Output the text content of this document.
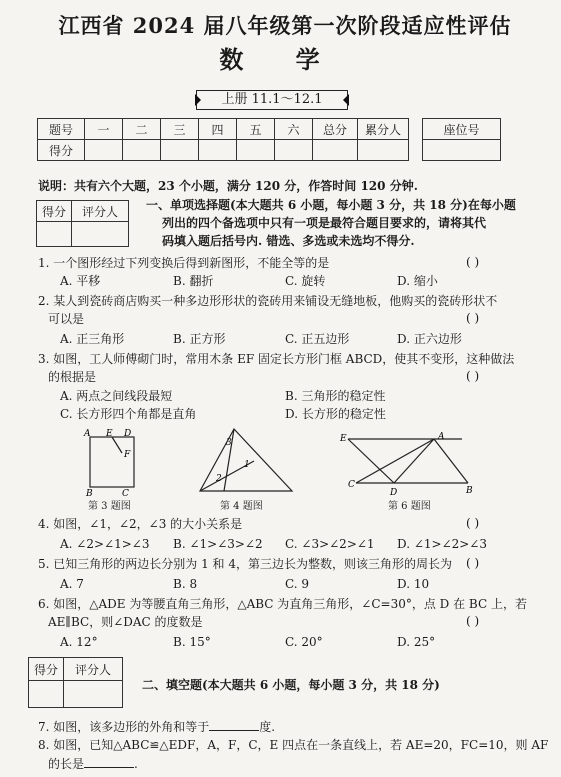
江西省 2024 届八年级第一次阶段适应性评估
数 学
上册 11.1～12.1
题号	一	二	三	四	五	六	总分	累分人
得分								
座位号

说明：共有六个大题，23 个小题，满分 120 分，作答时间 120 分钟.
得分	评分人
	一、单项选择题(本大题共 6 小题，每小题 3 分，共 18 分)在每小题
列出的四个备选项中只有一项是最符合题目要求的，请将其代
码填入题后括号内. 错选、多选或未选均不得分.
1. 一个图形经过下列变换后得到新图形，不能全等的是	( )
A. 平移	B. 翻折	C. 旋转	D. 缩小
2. 某人到瓷砖商店购买一种多边形形状的瓷砖用来铺设无缝地板，他购买的瓷砖形状不
可以是	( )
A. 正三角形	B. 正方形	C. 正五边形	D. 正六边形
3. 如图，工人师傅砌门时，常用木条 EF 固定长方形门框 ABCD，使其不变形，这种做法
的根据是	( )
A. 两点之间线段最短	B. 三角形的稳定性
C. 长方形四个角都是直角	D. 长方形的稳定性
A E D
F
B	C
第 3 题图
3
1
2
第 4 题图
E	A
C
D	B
第 6 题图
4. 如图，∠1，∠2，∠3 的大小关系是	( )
A. ∠2>∠1>∠3 B. ∠1>∠3>∠2 C. ∠3>∠2>∠1 D. ∠1>∠2>∠3
5. 已知三角形的两边长分别为 1 和 4，第三边长为整数，则该三角形的周长为 ( )
A. 7	B. 8	C. 9	D. 10
6. 如图，△ADE 为等腰直角三角形，△ABC 为直角三角形，∠C=30°，点 D 在 BC 上，若
AE∥BC，则∠DAC 的度数是	( )
A. 12°	B. 15°	C. 20°	D. 25°
得分	评分人

二、填空题(本大题共 6 小题，每小题 3 分，共 18 分)
7. 如图，该多边形的外角和等于	度.
8. 如图，已知△ABC≌△EDF，A，F，C，E 四点在一条直线上，若 AE=20，FC=10，则 AF
的长是	.
